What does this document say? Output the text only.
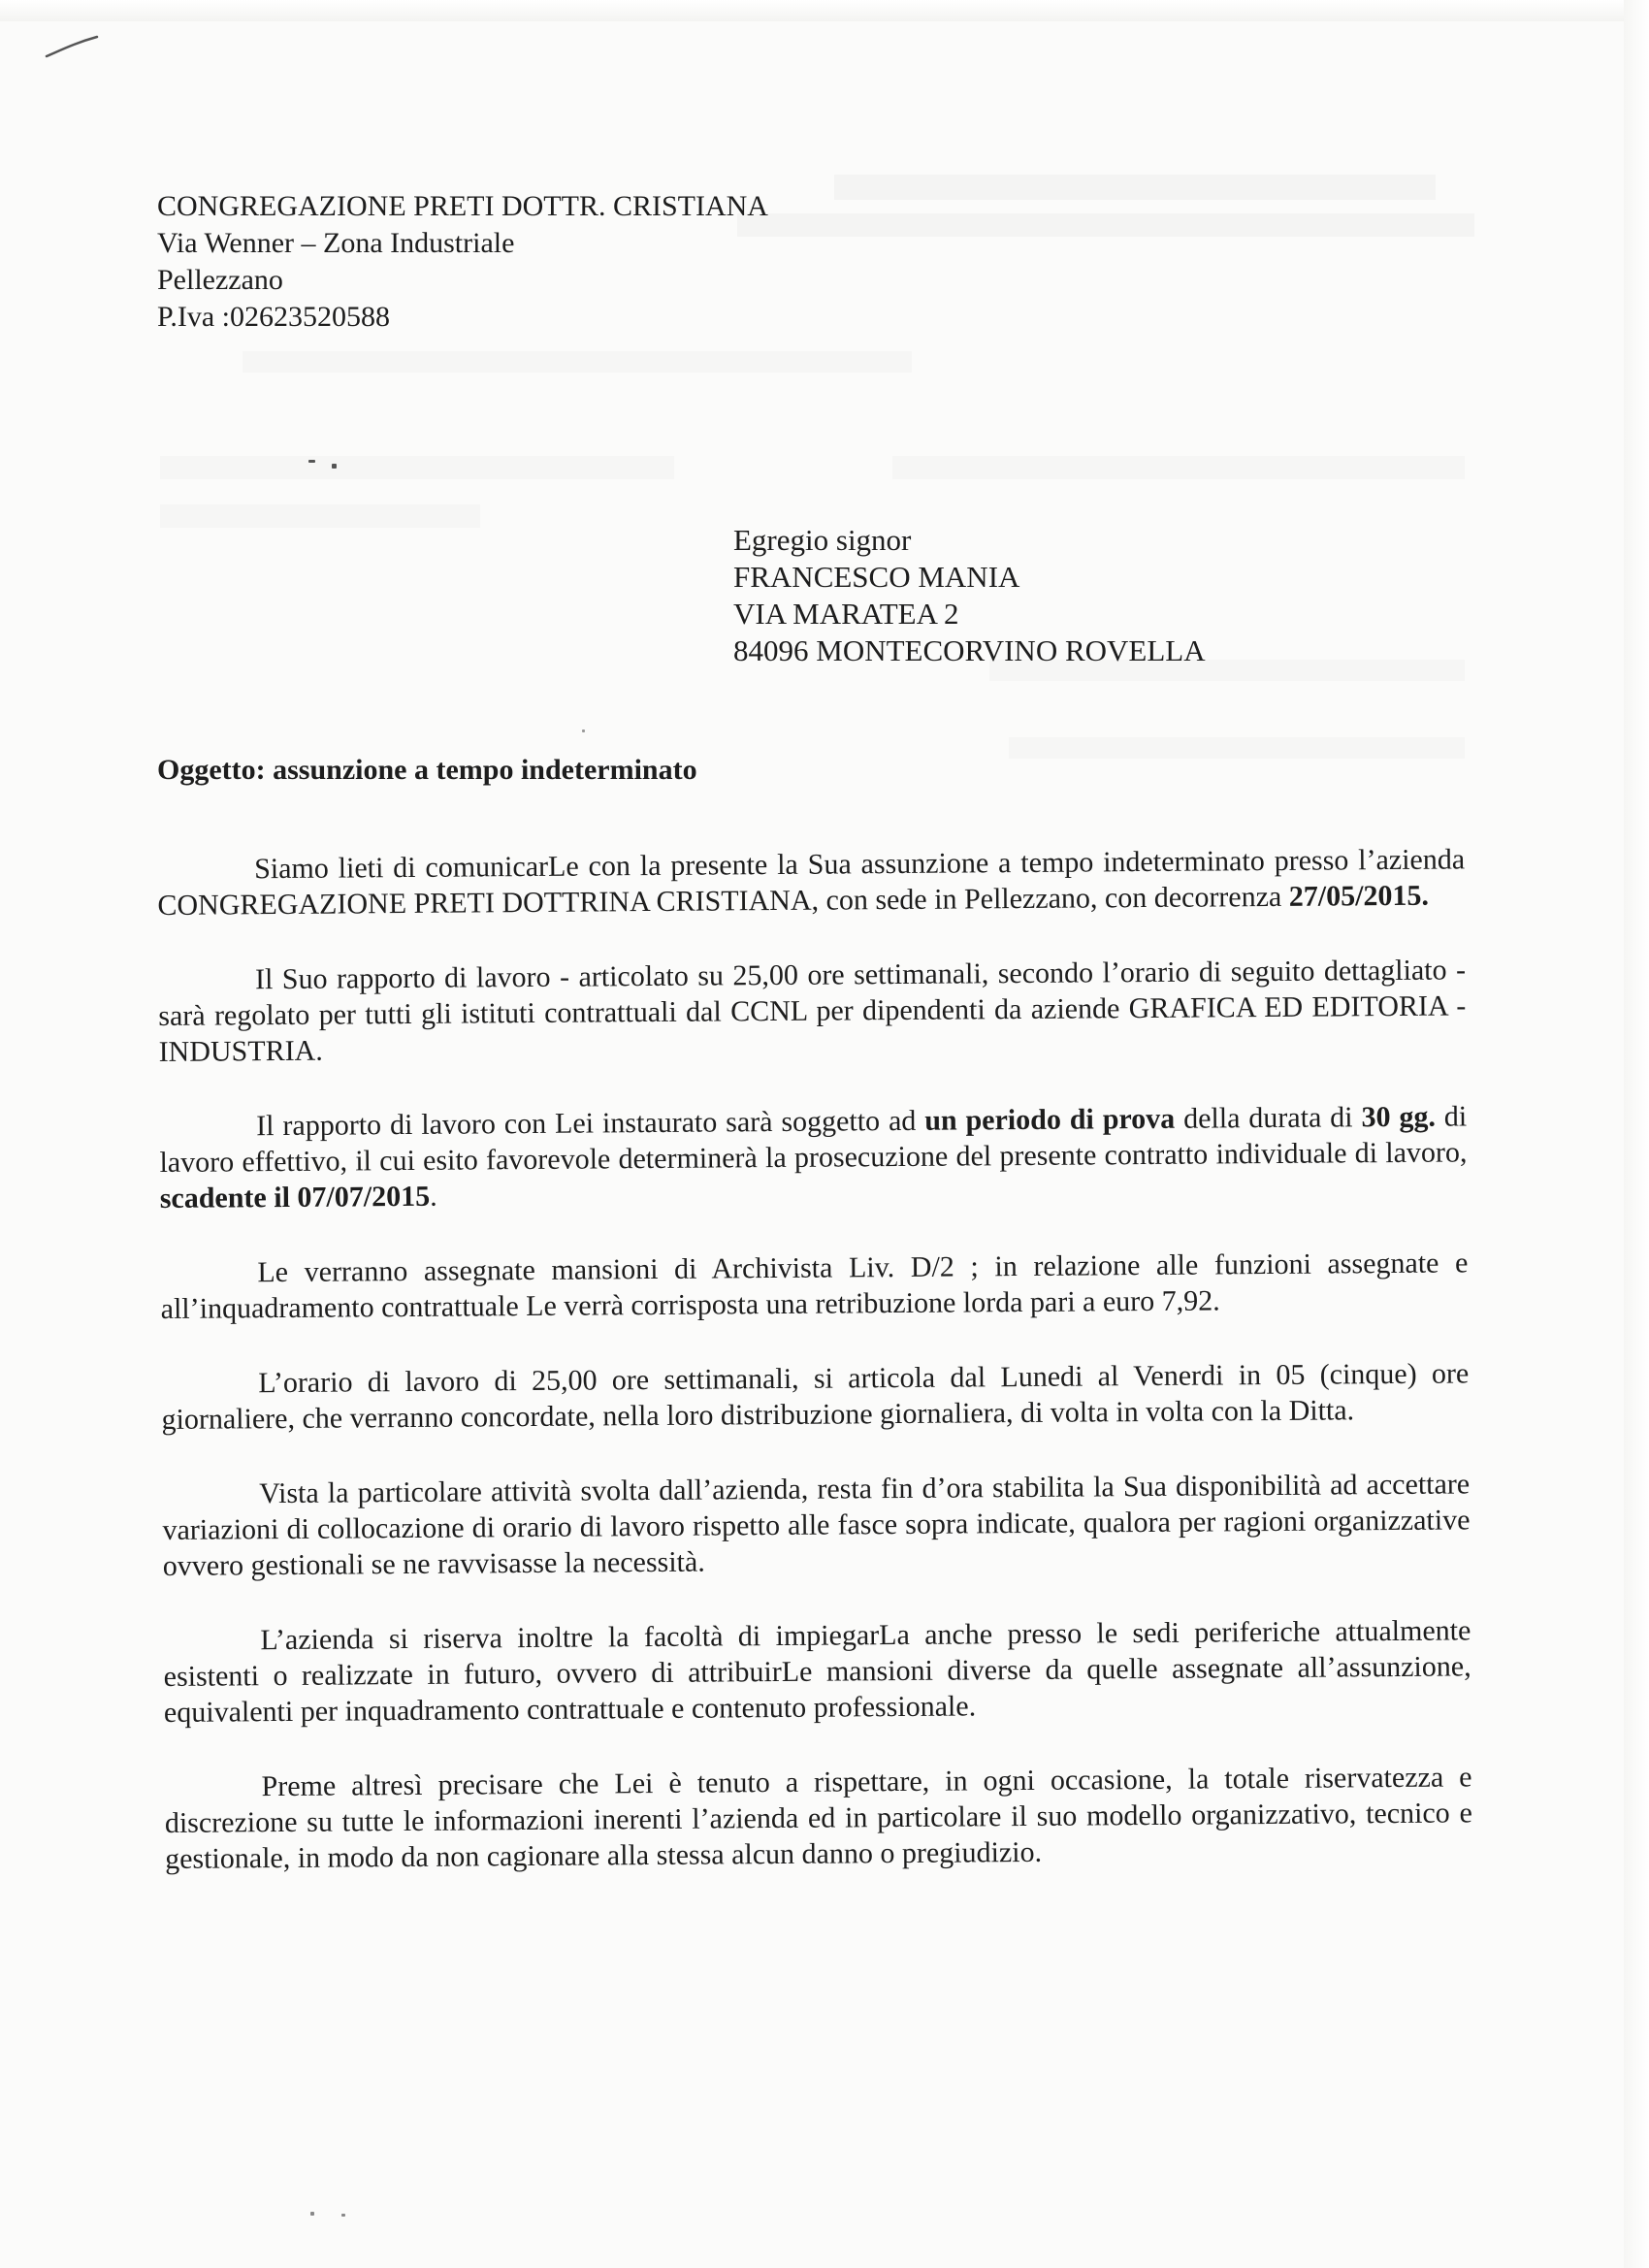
CONGREGAZIONE PRETI DOTTR. CRISTIANA
Via Wenner – Zona Industriale
Pellezzano
P.Iva :02623520588
Egregio signor
FRANCESCO MANIA
VIA MARATEA 2
84096 MONTECORVINO ROVELLA
Oggetto: assunzione a tempo indeterminato

Siamo lieti di comunicarLe con la presente la Sua assunzione a tempo indeterminato presso l’azienda CONGREGAZIONE PRETI DOTTRINA CRISTIANA, con sede in Pellezzano, con decorrenza 27/05/2015.

Il Suo rapporto di lavoro - articolato su 25,00 ore settimanali, secondo l’orario di seguito dettagliato - sarà regolato per tutti gli istituti contrattuali dal CCNL per dipendenti da aziende GRAFICA ED EDITORIA - INDUSTRIA.

Il rapporto di lavoro con Lei instaurato sarà soggetto ad un periodo di prova della durata di 30 gg. di lavoro effettivo, il cui esito favorevole determinerà la prosecuzione del presente contratto individuale di lavoro, scadente il 07/07/2015.

Le verranno assegnate mansioni di Archivista Liv. D/2 ; in relazione alle funzioni assegnate e all’inquadramento contrattuale Le verrà corrisposta una retribuzione lorda pari a euro 7,92.

L’orario di lavoro di 25,00 ore settimanali, si articola dal Lunedi al Venerdi in 05 (cinque) ore giornaliere, che verranno concordate, nella loro distribuzione giornaliera, di volta in volta con la Ditta.

Vista la particolare attività svolta dall’azienda, resta fin d’ora stabilita la Sua disponibilità ad accettare variazioni di collocazione di orario di lavoro rispetto alle fasce sopra indicate, qualora per ragioni organizzative ovvero gestionali se ne ravvisasse la necessità.

L’azienda si riserva inoltre la facoltà di impiegarLa anche presso le sedi periferiche attualmente esistenti o realizzate in futuro, ovvero di attribuirLe mansioni diverse da quelle assegnate all’assunzione, equivalenti per inquadramento contrattuale e contenuto professionale.

Preme altresì precisare che Lei è tenuto a rispettare, in ogni occasione, la totale riservatezza e discrezione su tutte le informazioni inerenti l’azienda ed in particolare il suo modello organizzativo, tecnico e gestionale, in modo da non cagionare alla stessa alcun danno o pregiudizio.
